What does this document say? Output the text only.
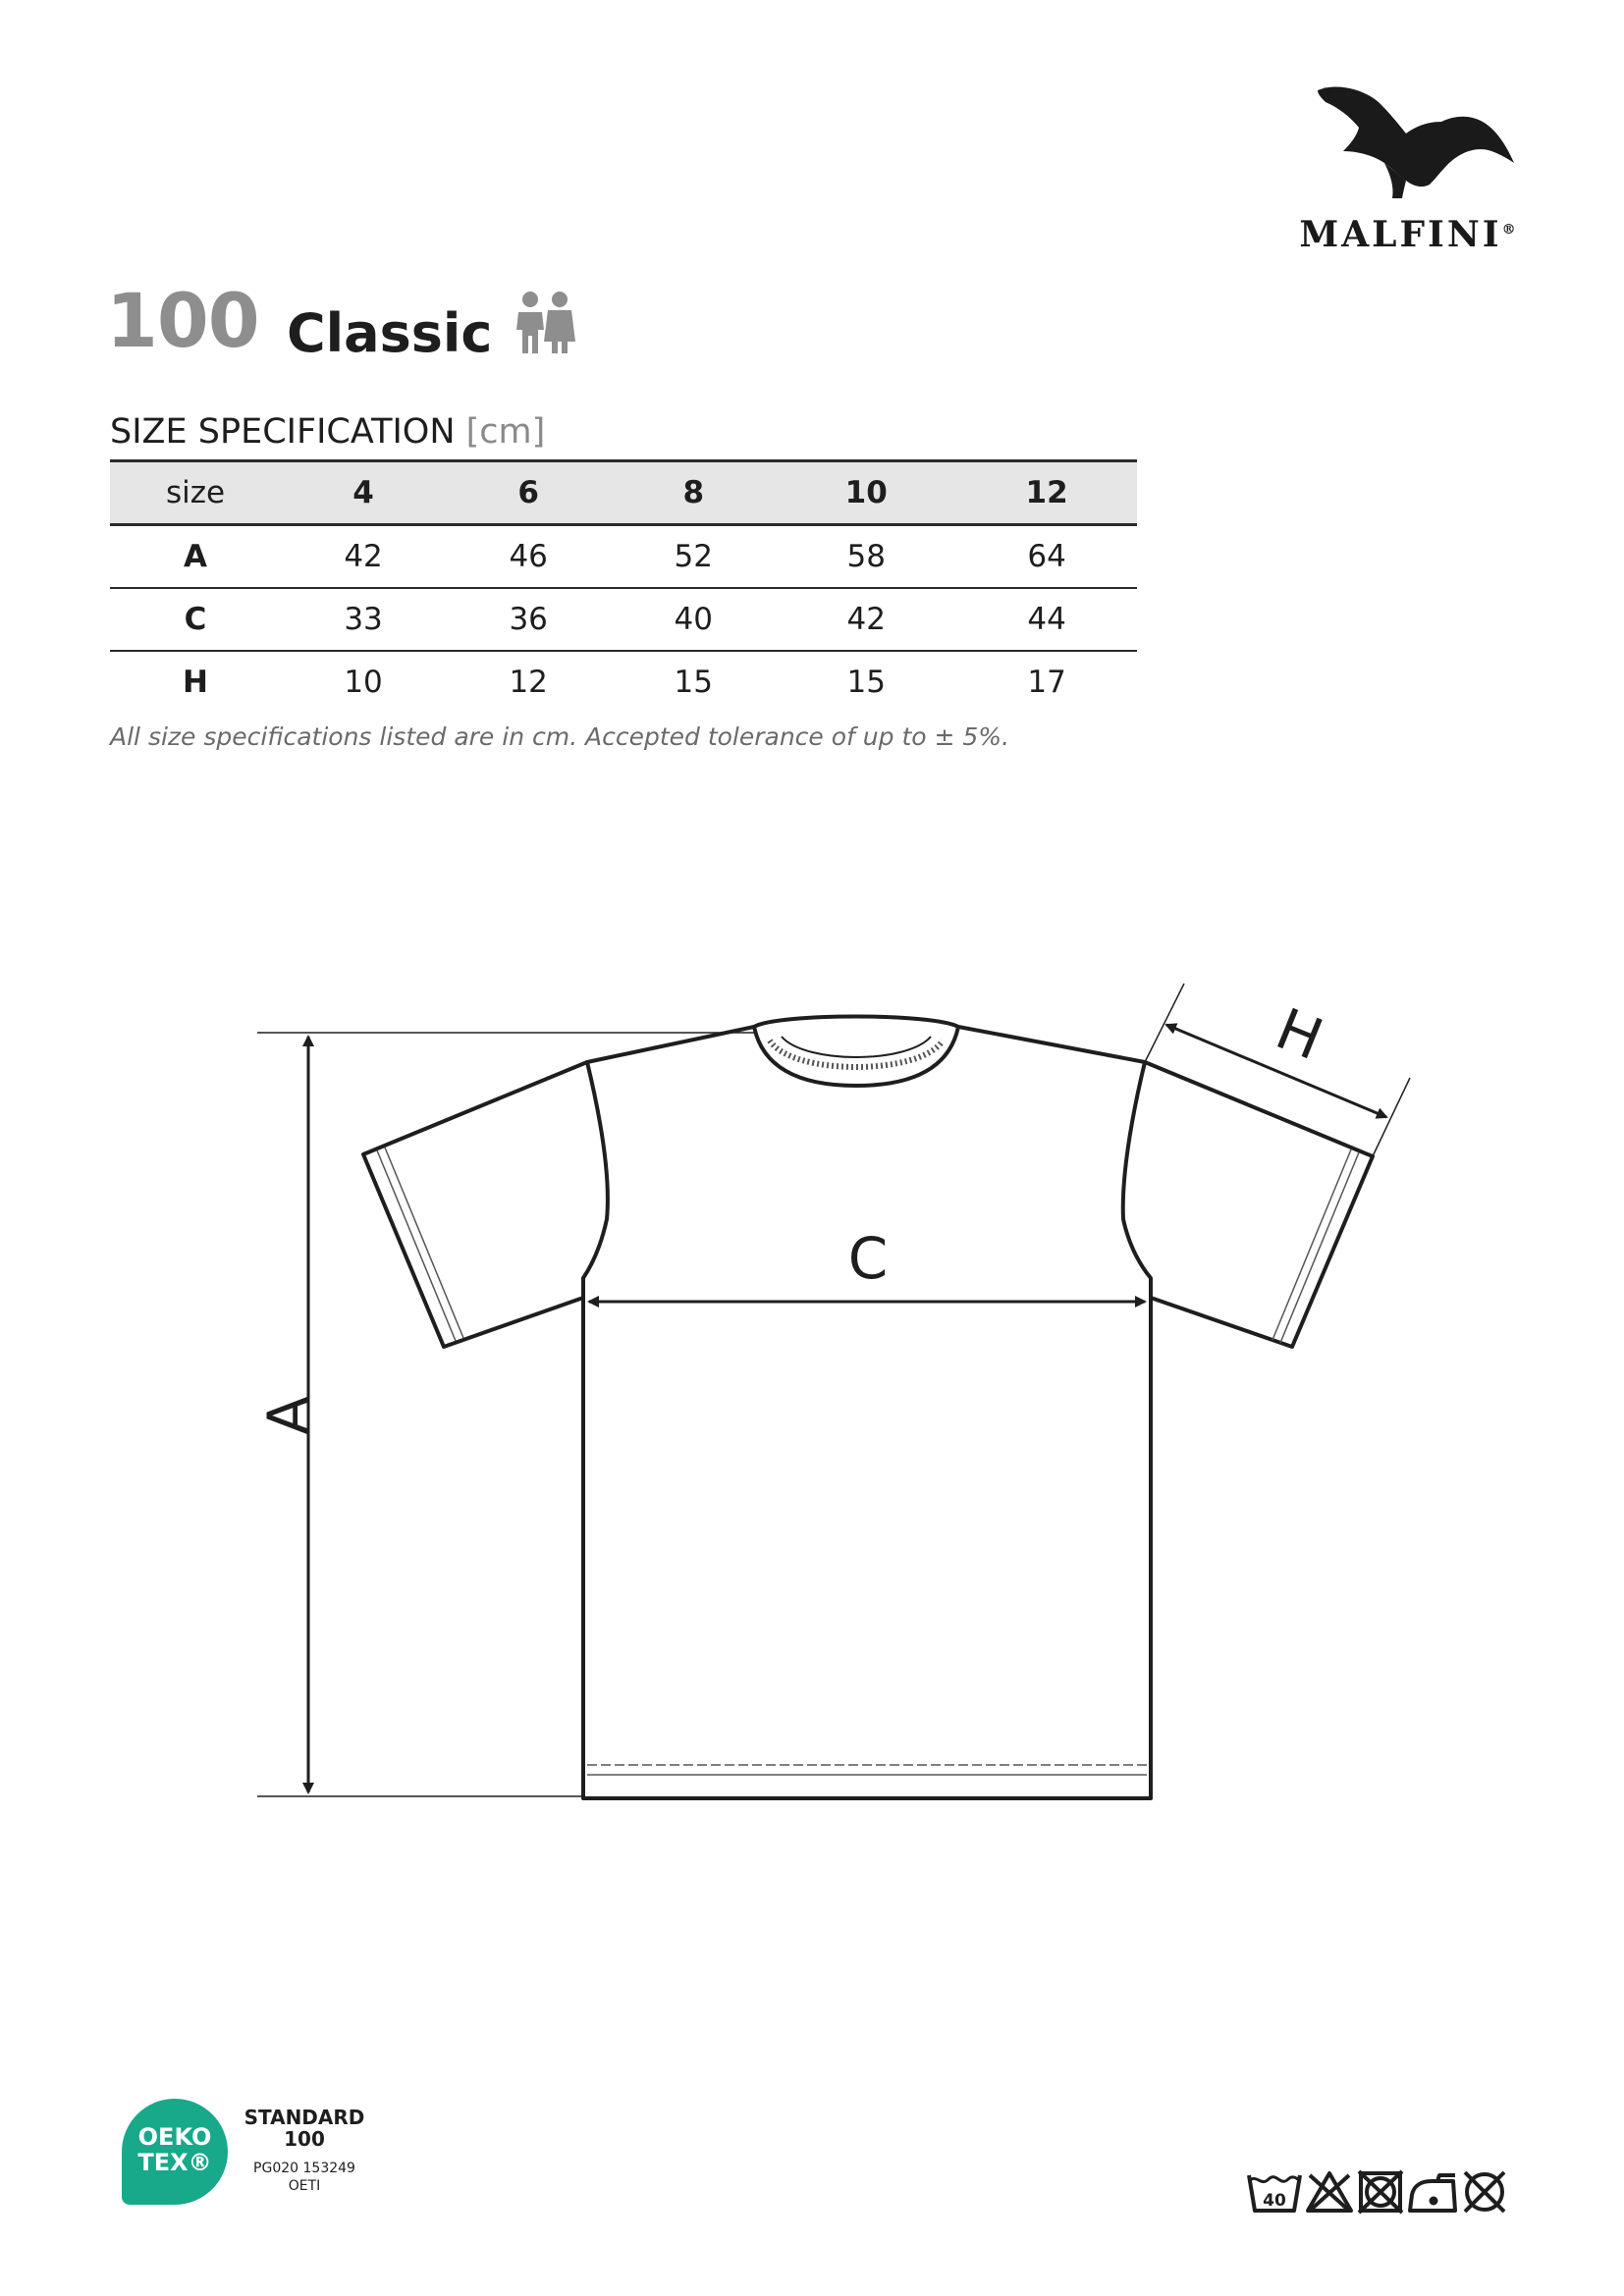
MALFINI®
100 Classic
SIZE SPECIFICATION [cm]
size	4	6	8	10	12
A	42	46	52	58	64
C	33	36	40	42	44
H	10	12	15	15	17
All size specifications listed are in cm. Accepted tolerance of up to ± 5%.
A
C
H
OEKO
TEX®
STANDARD
100
PG020 153249
OETI
40
